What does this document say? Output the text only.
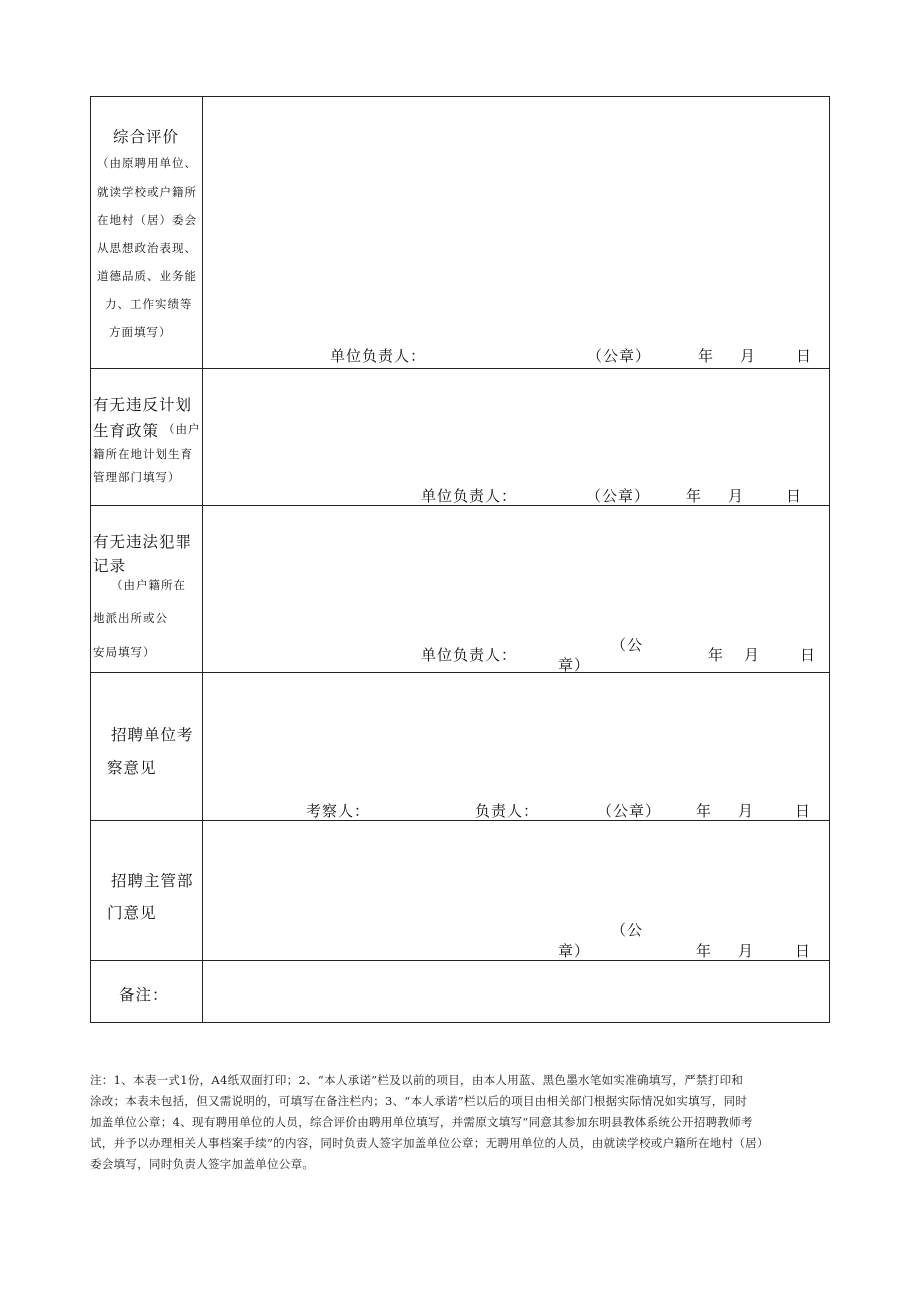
综合评价
（由原聘用单位、
就读学校或户籍所
在地村（居）委会
从思想政治表现、
道德品质、业务能
力、工作实绩等
方面填写）
单位负责人：	（公章）	年 月	日
有无违反计划
生育政策 （由户
籍所在地计划生育
管理部门填写）
单位负责人：	（公章） 年 月	日
有无违法犯罪
记录
（由户籍所在
地派出所或公
安局填写）	单位负责人：
（公
章）
年 月	日
招聘单位考
察意见
考察人：	负责人：	（公章） 年 月	日
招聘主管部
门意见
（公
章）	年 月	日
备注：

注：1、本表一式1份，A4纸双面打印；2、“本人承诺”栏及以前的项目，由本人用蓝、黑色墨水笔如实准确填写，严禁打印和

涂改；本表未包括，但又需说明的，可填写在备注栏内；3、“本人承诺”栏以后的项目由相关部门根据实际情况如实填写，同时

加盖单位公章；4、现有聘用单位的人员，综合评价由聘用单位填写，并需原文填写“同意其参加东明县教体系统公开招聘教师考

试，并予以办理相关人事档案手续”的内容，同时负责人签字加盖单位公章；无聘用单位的人员，由就读学校或户籍所在地村（居）

委会填写，同时负责人签字加盖单位公章。
